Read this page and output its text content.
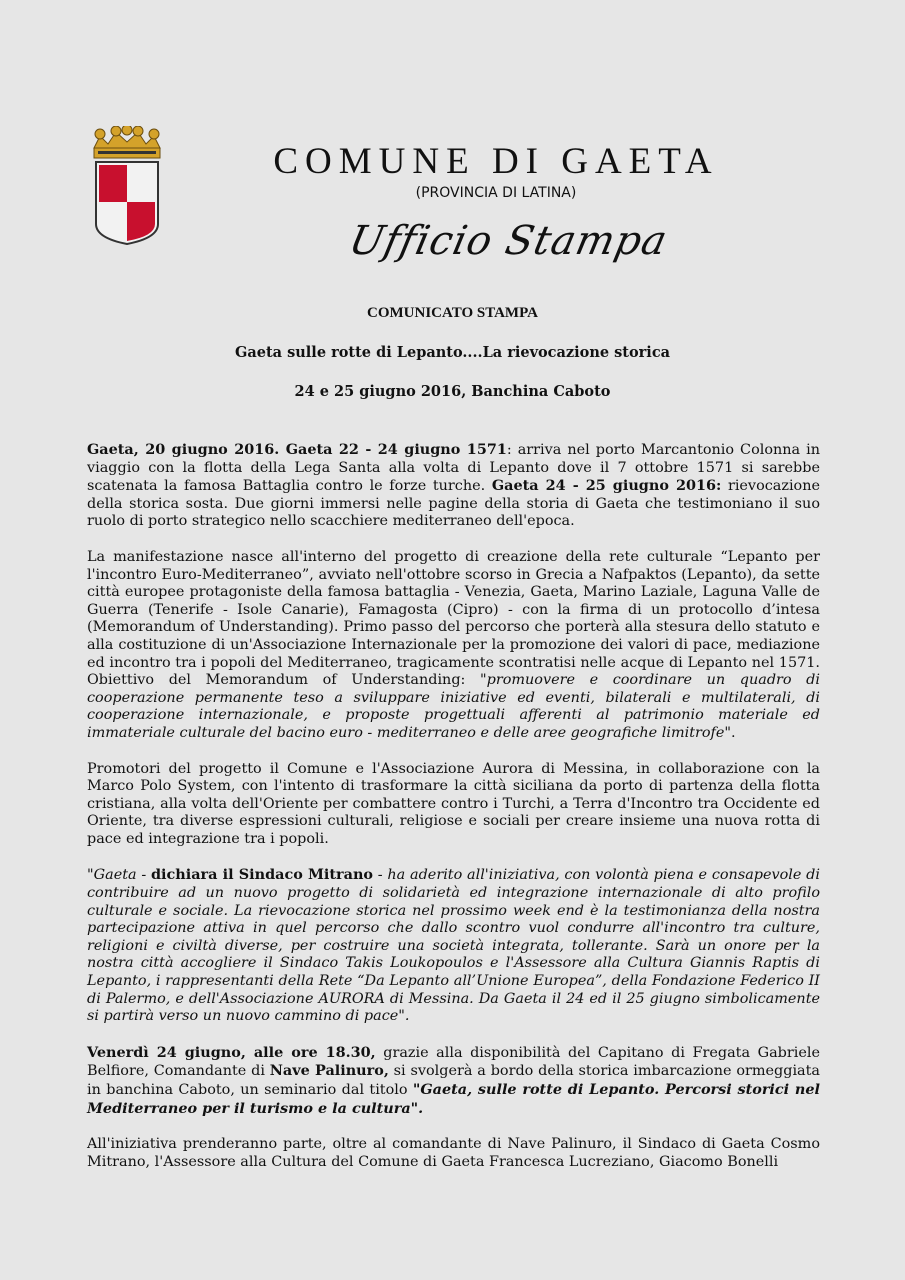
COMUNE DI GAETA
(PROVINCIA DI LATINA)
Ufficio Stampa
COMUNICATO STAMPA
Gaeta sulle rotte di Lepanto....La rievocazione storica
24 e 25 giugno 2016, Banchina Caboto

Gaeta, 20 giugno 2016. Gaeta 22 - 24 giugno 1571: arriva nel porto Marcantonio Colonna in viaggio con la flotta della Lega Santa alla volta di Lepanto dove il 7 ottobre 1571 si sarebbe scatenata la famosa Battaglia contro le forze turche. Gaeta 24 - 25 giugno 2016: rievocazione della storica sosta. Due giorni immersi nelle pagine della storia di Gaeta che testimoniano il suo ruolo di porto strategico nello scacchiere mediterraneo dell'epoca.

La manifestazione nasce all'interno del progetto di creazione della rete culturale “Lepanto per l'incontro Euro-Mediterraneo”, avviato nell'ottobre scorso in Grecia a Nafpaktos (Lepanto), da sette città europee protagoniste della famosa battaglia - Venezia, Gaeta, Marino Laziale, Laguna Valle de Guerra (Tenerife - Isole Canarie), Famagosta (Cipro) - con la firma di un protocollo d’intesa (Memorandum of Understanding). Primo passo del percorso che porterà alla stesura dello statuto e alla costituzione di un'Associazione Internazionale per la promozione dei valori di pace, mediazione ed incontro tra i popoli del Mediterraneo, tragicamente scontratisi nelle acque di Lepanto nel 1571. Obiettivo del Memorandum of Understanding: "promuovere e coordinare un quadro di cooperazione permanente teso a sviluppare iniziative ed eventi, bilaterali e multilaterali, di cooperazione internazionale, e proposte progettuali afferenti al patrimonio materiale ed immateriale culturale del bacino euro - mediterraneo e delle aree geografiche limitrofe".

Promotori del progetto il Comune e l'Associazione Aurora di Messina, in collaborazione con la Marco Polo System, con l'intento di trasformare la città siciliana da porto di partenza della flotta cristiana, alla volta dell'Oriente per combattere contro i Turchi, a Terra d'Incontro tra Occidente ed Oriente, tra diverse espressioni culturali, religiose e sociali per creare insieme una nuova rotta di pace ed integrazione tra i popoli.

"Gaeta - dichiara il Sindaco Mitrano - ha aderito all'iniziativa, con volontà piena e consapevole di contribuire ad un nuovo progetto di solidarietà ed integrazione internazionale di alto profilo culturale e sociale. La rievocazione storica nel prossimo week end è la testimonianza della nostra partecipazione attiva in quel percorso che dallo scontro vuol condurre all'incontro tra culture, religioni e civiltà diverse, per costruire una società integrata, tollerante. Sarà un onore per la nostra città accogliere il Sindaco Takis Loukopoulos e l'Assessore alla Cultura Giannis Raptis di Lepanto, i rappresentanti della Rete “Da Lepanto all’Unione Europea”, della Fondazione Federico II di Palermo, e dell'Associazione AURORA di Messina. Da Gaeta il 24 ed il 25 giugno simbolicamente si partirà verso un nuovo cammino di pace".

Venerdì 24 giugno, alle ore 18.30, grazie alla disponibilità del Capitano di Fregata Gabriele Belfiore, Comandante di Nave Palinuro, si svolgerà a bordo della storica imbarcazione ormeggiata in banchina Caboto, un seminario dal titolo "Gaeta, sulle rotte di Lepanto. Percorsi storici nel Mediterraneo per il turismo e la cultura".

All'iniziativa prenderanno parte, oltre al comandante di Nave Palinuro, il Sindaco di Gaeta Cosmo Mitrano, l'Assessore alla Cultura del Comune di Gaeta Francesca Lucreziano, Giacomo Bonelli
